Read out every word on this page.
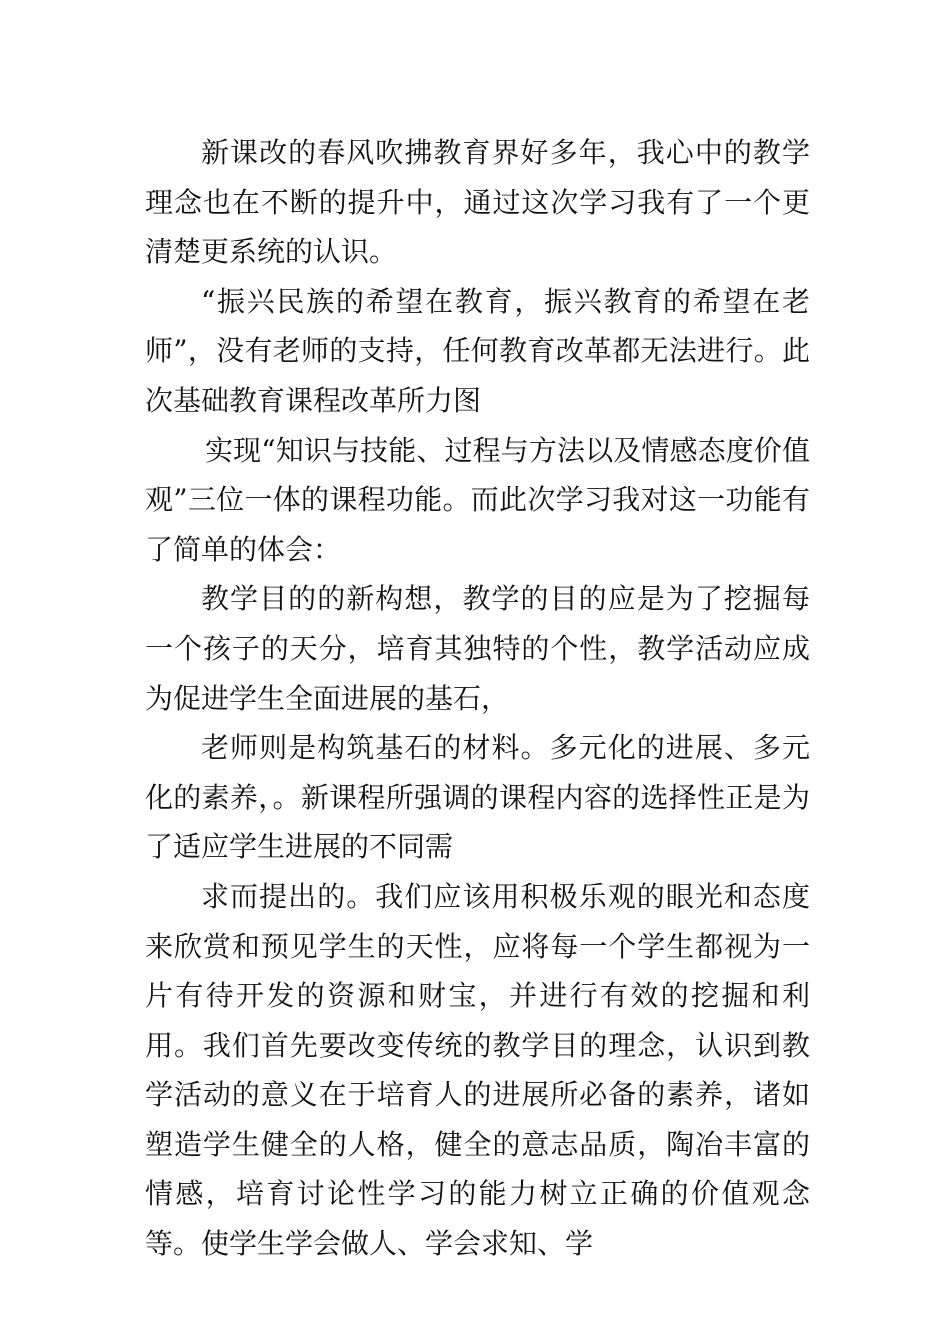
新课改的春风吹拂教育界好多年，我心中的教学理念也在不断的提升中，通过这次学习我有了一个更清楚更系统的认识。

“振兴民族的希望在教育，振兴教育的希望在老师”，没有老师的支持，任何教育改革都无法进行。此次基础教育课程改革所力图

实现“知识与技能、过程与方法以及情感态度价值观”三位一体的课程功能。而此次学习我对这一功能有了简单的体会：

教学目的的新构想，教学的目的应是为了挖掘每一个孩子的天分，培育其独特的个性，教学活动应成为促进学生全面进展的基石，

老师则是构筑基石的材料。多元化的进展、多元化的素养，。新课程所强调的课程内容的选择性正是为了适应学生进展的不同需

求而提出的。我们应该用积极乐观的眼光和态度来欣赏和预见学生的天性，应将每一个学生都视为一片有待开发的资源和财宝，并进行有效的挖掘和利用。我们首先要改变传统的教学目的理念，认识到教学活动的意义在于培育人的进展所必备的素养，诸如塑造学生健全的人格，健全的意志品质，陶冶丰富的情感，培育讨论性学习的能力树立正确的价值观念等。使学生学会做人、学会求知、学
